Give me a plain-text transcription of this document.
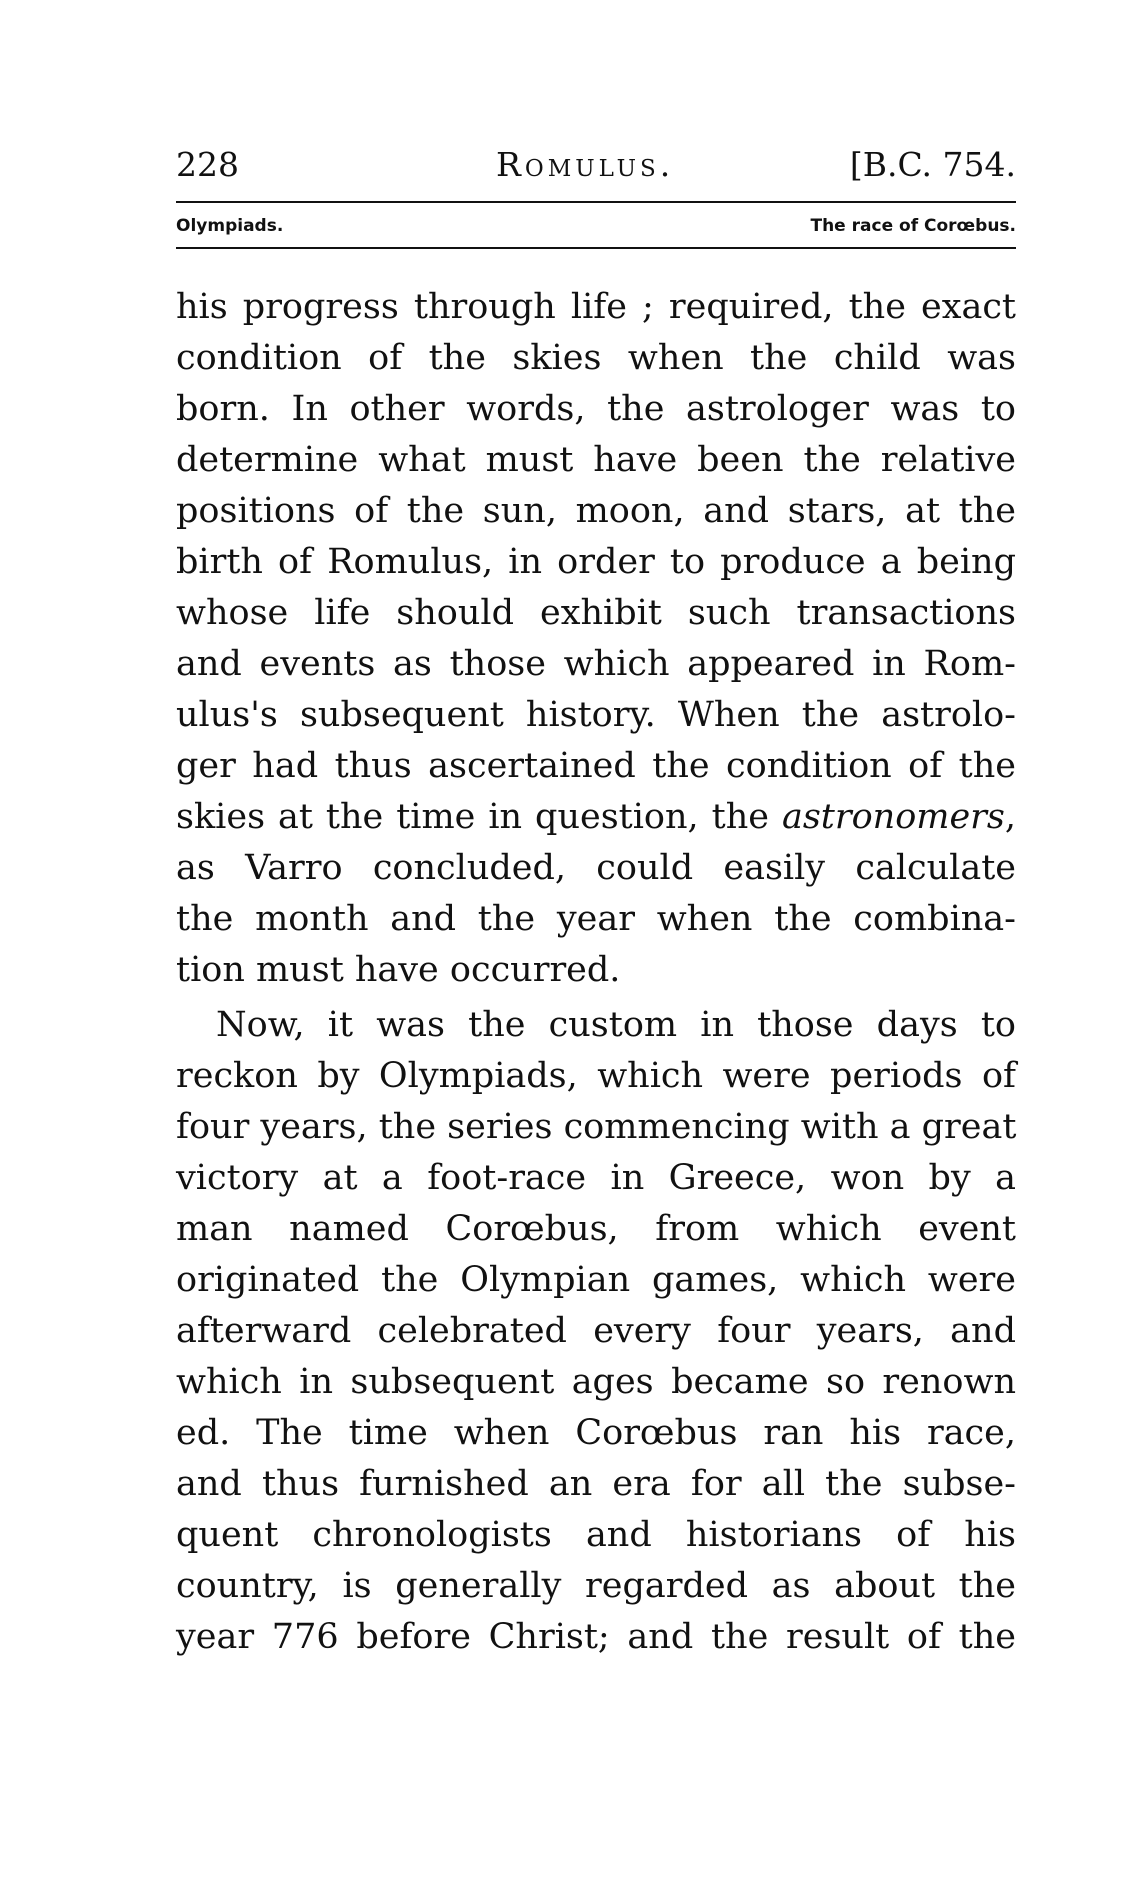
228	Romulus.	[B.C. 754.
Olympiads.	The race of Corœbus.
his progress through life ; required, the exact
condition of the skies when the child was
born. In other words, the astrologer was to
determine what must have been the relative
positions of the sun, moon, and stars, at the
birth of Romulus, in order to produce a being
whose life should exhibit such transactions
and events as those which appeared in Rom-
ulus's subsequent history. When the astrolo-
ger had thus ascertained the condition of the
skies at the time in question, the astronomers,
as Varro concluded, could easily calculate
the month and the year when the combina-
tion must have occurred.
Now, it was the custom in those days to
reckon by Olympiads, which were periods of
four years, the series commencing with a great
victory at a foot-race in Greece, won by a
man named Corœbus, from which event
originated the Olympian games, which were
afterward celebrated every four years, and
which in subsequent ages became so renown
ed. The time when Corœbus ran his race,
and thus furnished an era for all the subse-
quent chronologists and historians of his
country, is generally regarded as about the
year 776 before Christ; and the result of the
